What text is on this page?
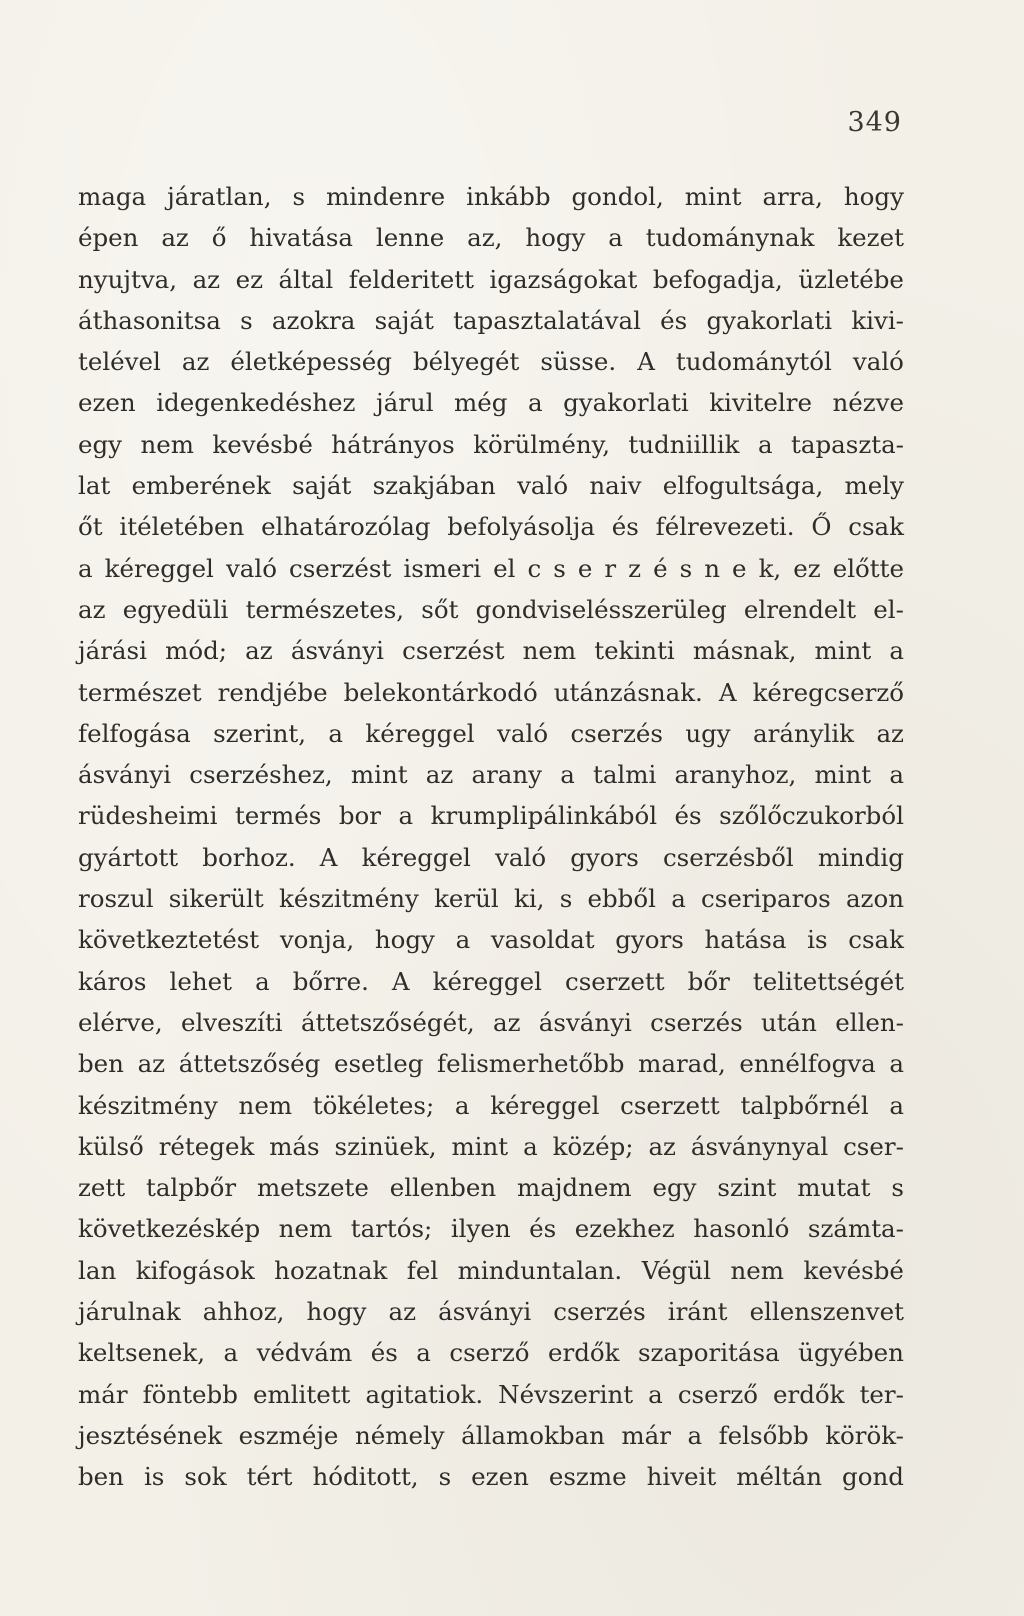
349
maga járatlan, s mindenre inkább gondol, mint arra, hogy
épen az ő hivatása lenne az, hogy a tudománynak kezet
nyujtva, az ez által felderitett igazságokat befogadja, üzletébe
áthasonitsa s azokra saját tapasztalatával és gyakorlati kivi-
telével az életképesség bélyegét süsse. A tudománytól való
ezen idegenkedéshez járul még a gyakorlati kivitelre nézve
egy nem kevésbé hátrányos körülmény, tudniillik a tapaszta-
lat emberének saját szakjában való naiv elfogultsága, mely
őt itéletében elhatározólag befolyásolja és félrevezeti. Ő csak
a kéreggel való cserzést ismeri el c s e r z é s n e k, ez előtte
az egyedüli természetes, sőt gondviselésszerüleg elrendelt el-
járási mód; az ásványi cserzést nem tekinti másnak, mint a
természet rendjébe belekontárkodó utánzásnak. A kéregcserző
felfogása szerint, a kéreggel való cserzés ugy aránylik az
ásványi cserzéshez, mint az arany a talmi aranyhoz, mint a
rüdesheimi termés bor a krumplipálinkából és szőlőczukorból
gyártott borhoz. A kéreggel való gyors cserzésből mindig
roszul sikerült készitmény kerül ki, s ebből a cseriparos azon
következtetést vonja, hogy a vasoldat gyors hatása is csak
káros lehet a bőrre. A kéreggel cserzett bőr telitettségét
elérve, elveszíti áttetszőségét, az ásványi cserzés után ellen-
ben az áttetszőség esetleg felismerhetőbb marad, ennélfogva a
készitmény nem tökéletes; a kéreggel cserzett talpbőrnél a
külső rétegek más szinüek, mint a közép; az ásványnyal cser-
zett talpbőr metszete ellenben majdnem egy szint mutat s
következéskép nem tartós; ilyen és ezekhez hasonló számta-
lan kifogások hozatnak fel minduntalan. Végül nem kevésbé
járulnak ahhoz, hogy az ásványi cserzés iránt ellenszenvet
keltsenek, a védvám és a cserző erdők szaporitása ügyében
már föntebb emlitett agitatiok. Névszerint a cserző erdők ter-
jesztésének eszméje némely államokban már a felsőbb körök-
ben is sok tért hóditott, s ezen eszme hiveit méltán gond
